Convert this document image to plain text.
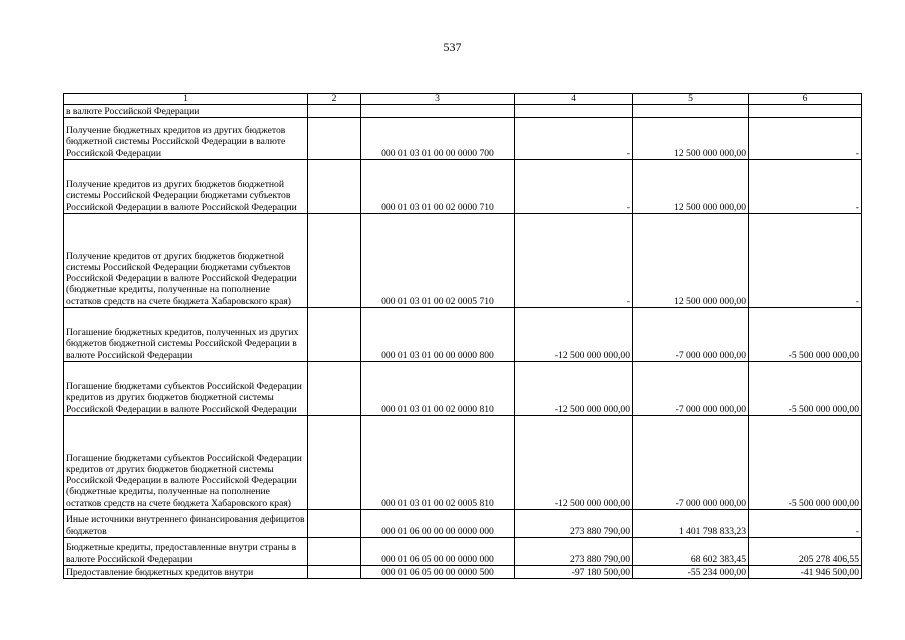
537
1	2	3	4	5	6
в валюте Российской Федерации					
Получение бюджетных кредитов из других бюджетов бюджетной системы Российской Федерации в валюте Российской Федерации		000 01 03 01 00 00 0000 700	-	12 500 000 000,00	-
Получение кредитов из других бюджетов бюджетной системы Российской Федерации бюджетами субъектов Российской Федерации в валюте Российской Федерации		000 01 03 01 00 02 0000 710	-	12 500 000 000,00	-
Получение кредитов от других бюджетов бюджетной системы Российской Федерации бюджетами субъектов Российской Федерации в валюте Российской Федерации (бюджетные кредиты, полученные на пополнение остатков средств на счете бюджета Хабаровского края)		000 01 03 01 00 02 0005 710	-	12 500 000 000,00	-
Погашение бюджетных кредитов, полученных из других бюджетов бюджетной системы Российской Федерации в валюте Российской Федерации		000 01 03 01 00 00 0000 800	-12 500 000 000,00	-7 000 000 000,00	-5 500 000 000,00
Погашение бюджетами субъектов Российской Федерации кредитов из других бюджетов бюджетной системы Российской Федерации в валюте Российской Федерации		000 01 03 01 00 02 0000 810	-12 500 000 000,00	-7 000 000 000,00	-5 500 000 000,00
Погашение бюджетами субъектов Российской Федерации кредитов от других бюджетов бюджетной системы Российской Федерации в валюте Российской Федерации (бюджетные кредиты, полученные на пополнение остатков средств на счете бюджета Хабаровского края)		000 01 03 01 00 02 0005 810	-12 500 000 000,00	-7 000 000 000,00	-5 500 000 000,00
Иные источники внутреннего финансирования дефицитов бюджетов		000 01 06 00 00 00 0000 000	273 880 790,00	1 401 798 833,23	-
Бюджетные кредиты, предоставленные внутри страны в валюте Российской Федерации		000 01 06 05 00 00 0000 000	273 880 790,00	68 602 383,45	205 278 406,55
Предоставление бюджетных кредитов внутри		000 01 06 05 00 00 0000 500	-97 180 500,00	-55 234 000,00	-41 946 500,00
